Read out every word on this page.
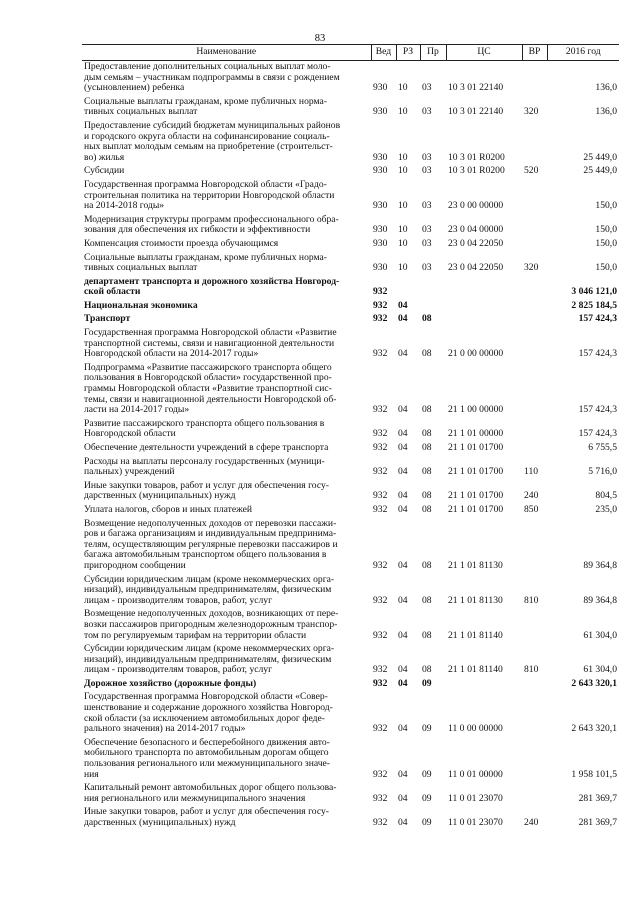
83
Наименование	Вед	РЗ	Пр	ЦС	ВР	2016 год
Предоставление дополнительных социальных выплат моло-
дым семьям – участникам подпрограммы в связи с рождением
(усыновлением) ребенка	930	10	03	10 3 01 22140		136,0
Социальные выплаты гражданам, кроме публичных норма-
тивных социальных выплат	930	10	03	10 3 01 22140	320	136,0
Предоставление субсидий бюджетам муниципальных районов
и городского округа области на софинансирование социаль-
ных выплат молодым семьям на приобретение (строительст-
во) жилья	930	10	03	10 3 01 R0200		25 449,0
Субсидии	930	10	03	10 3 01 R0200	520	25 449,0
Государственная программа Новгородской области «Градо-
строительная политика на территории Новгородской области
на 2014-2018 годы»	930	10	03	23 0 00 00000		150,0
Модернизация структуры программ профессионального обра-
зования для обеспечения их гибкости и эффективности	930	10	03	23 0 04 00000		150,0
Компенсация стоимости проезда обучающимся	930	10	03	23 0 04 22050		150,0
Социальные выплаты гражданам, кроме публичных норма-
тивных социальных выплат	930	10	03	23 0 04 22050	320	150,0
департамент транспорта и дорожного хозяйства Новгород-
ской области	932					3 046 121,0
Национальная экономика	932	04				2 825 184,5
Транспорт	932	04	08			157 424,3
Государственная программа Новгородской области «Развитие
транспортной системы, связи и навигационной деятельности
Новгородской области на 2014-2017 годы»	932	04	08	21 0 00 00000		157 424,3
Подпрограмма «Развитие пассажирского транспорта общего
пользования в Новгородской области» государственной про-
граммы Новгородской области «Развитие транспортной сис-
темы, связи и навигационной деятельности Новгородской об-
ласти на 2014-2017 годы»	932	04	08	21 1 00 00000		157 424,3
Развитие пассажирского транспорта общего пользования в
Новгородской области	932	04	08	21 1 01 00000		157 424,3
Обеспечение деятельности учреждений в сфере транспорта	932	04	08	21 1 01 01700		6 755,5
Расходы на выплаты персоналу государственных (муници-
пальных) учреждений	932	04	08	21 1 01 01700	110	5 716,0
Иные закупки товаров, работ и услуг для обеспечения госу-
дарственных (муниципальных) нужд	932	04	08	21 1 01 01700	240	804,5
Уплата налогов, сборов и иных платежей	932	04	08	21 1 01 01700	850	235,0
Возмещение недополученных доходов от перевозки пассажи-
ров и багажа организациям и индивидуальным предпринима-
телям, осуществляющим регулярные перевозки пассажиров и
багажа автомобильным транспортом общего пользования в
пригородном сообщении	932	04	08	21 1 01 81130		89 364,8
Субсидии юридическим лицам (кроме некоммерческих орга-
низаций), индивидуальным предпринимателям, физическим
лицам - производителям товаров, работ, услуг	932	04	08	21 1 01 81130	810	89 364,8
Возмещение недополученных доходов, возникающих от пере-
возки пассажиров пригородным железнодорожным транспор-
том по регулируемым тарифам на территории области	932	04	08	21 1 01 81140		61 304,0
Субсидии юридическим лицам (кроме некоммерческих орга-
низаций), индивидуальным предпринимателям, физическим
лицам - производителям товаров, работ, услуг	932	04	08	21 1 01 81140	810	61 304,0
Дорожное хозяйство (дорожные фонды)	932	04	09			2 643 320,1
Государственная программа Новгородской области «Совер-
шенствование и содержание дорожного хозяйства Новгород-
ской области (за исключением автомобильных дорог феде-
рального значения) на 2014-2017 годы»	932	04	09	11 0 00 00000		2 643 320,1
Обеспечение безопасного и бесперебойного движения авто-
мобильного транспорта по автомобильным дорогам общего
пользования регионального или межмуниципального значе-
ния	932	04	09	11 0 01 00000		1 958 101,5
Капитальный ремонт автомобильных дорог общего пользова-
ния регионального или межмуниципального значения	932	04	09	11 0 01 23070		281 369,7
Иные закупки товаров, работ и услуг для обеспечения госу-
дарственных (муниципальных) нужд	932	04	09	11 0 01 23070	240	281 369,7
